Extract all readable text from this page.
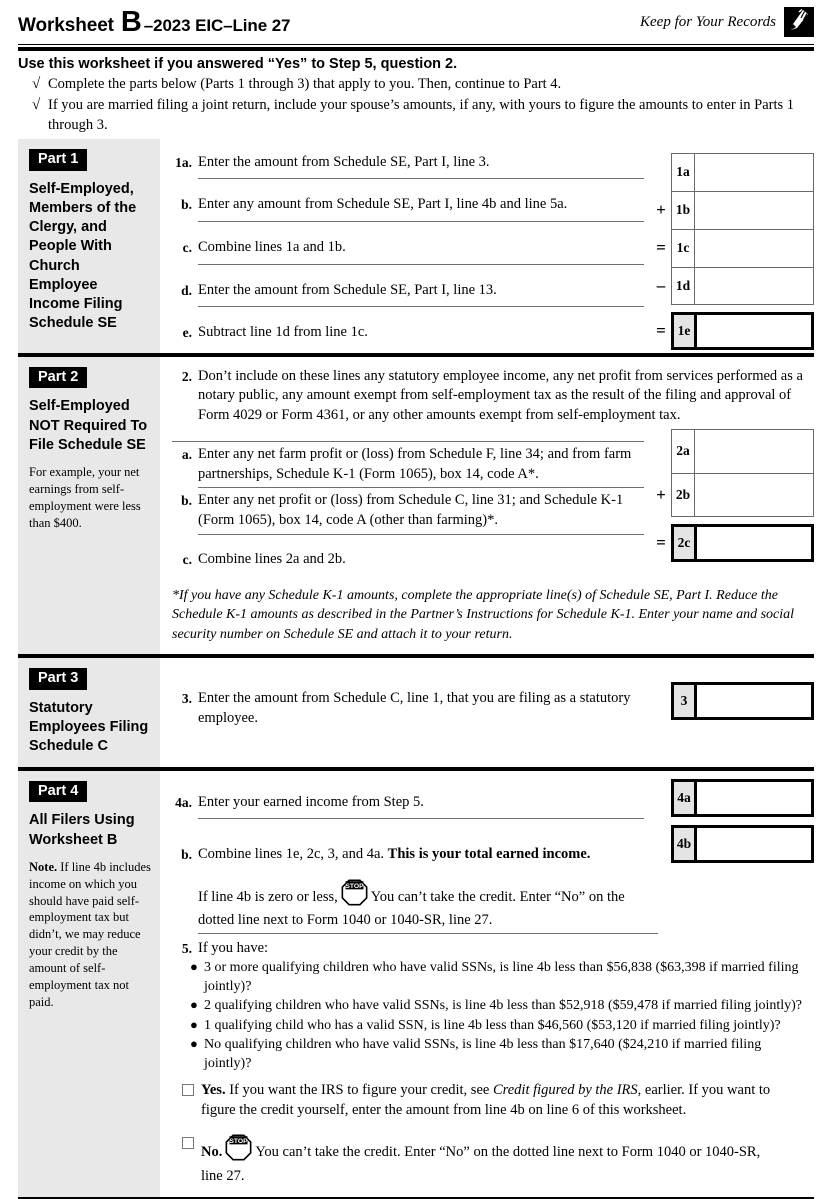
Worksheet B –2023 EIC–Line 27	Keep for Your Records
Use this worksheet if you answered “Yes” to Step 5, question 2.
√ Complete the parts below (Parts 1 through 3) that apply to you. Then, continue to Part 4.
√ If you are married filing a joint return, include your spouse’s amounts, if any, with yours to figure the amounts to enter in Parts 1 through 3.
Part 1
Self-Employed, Members of the Clergy, and People With Church Employee Income Filing Schedule SE
1a. Enter the amount from Schedule SE, Part I, line 3.
b. Enter any amount from Schedule SE, Part I, line 4b and line 5a.
c. Combine lines 1a and 1b.
d. Enter the amount from Schedule SE, Part I, line 13.
e. Subtract line 1d from line 1c.
1a
+ 1b
= 1c
– 1d
= 1e
Part 2
Self-Employed NOT Required To File Schedule SE
For example, your net earnings from self-employment were less than $400.
2. Don’t include on these lines any statutory employee income, any net profit from services performed as a notary public, any amount exempt from self-employment tax as the result of the filing and approval of Form 4029 or Form 4361, or any other amounts exempt from self-employment tax.
a. Enter any net farm profit or (loss) from Schedule F, line 34; and from farm partnerships, Schedule K-1 (Form 1065), box 14, code A*.
b. Enter any net profit or (loss) from Schedule C, line 31; and Schedule K-1 (Form 1065), box 14, code A (other than farming)*.
c. Combine lines 2a and 2b.
*If you have any Schedule K-1 amounts, complete the appropriate line(s) of Schedule SE, Part I. Reduce the Schedule K-1 amounts as described in the Partner’s Instructions for Schedule K-1. Enter your name and social security number on Schedule SE and attach it to your return.
2a
+ 2b
= 2c
Part 3
Statutory Employees Filing Schedule C
3. Enter the amount from Schedule C, line 1, that you are filing as a statutory employee.
3
Part 4
All Filers Using Worksheet B
Note. If line 4b includes income on which you should have paid self-employment tax but didn’t, we may reduce your credit by the amount of self-employment tax not paid.
4a. Enter your earned income from Step 5.
b. Combine lines 1e, 2c, 3, and 4a. This is your total earned income.
4a
4b
If line 4b is zero or less,
STOP
You can’t take the credit. Enter “No” on the dotted line next to Form 1040 or 1040-SR, line 27.
5. If you have:
● 3 or more qualifying children who have valid SSNs, is line 4b less than $56,838 ($63,398 if married filing jointly)?
● 2 qualifying children who have valid SSNs, is line 4b less than $52,918 ($59,478 if married filing jointly)?
● 1 qualifying child who has a valid SSN, is line 4b less than $46,560 ($53,120 if married filing jointly)?
● No qualifying children who have valid SSNs, is line 4b less than $17,640 ($24,210 if married filing jointly)?
Yes. If you want the IRS to figure your credit, see Credit figured by the IRS, earlier. If you want to figure the credit yourself, enter the amount from line 4b on line 6 of this worksheet.
No.
STOP
You can’t take the credit. Enter “No” on the dotted line next to Form 1040 or 1040-SR, line 27.
